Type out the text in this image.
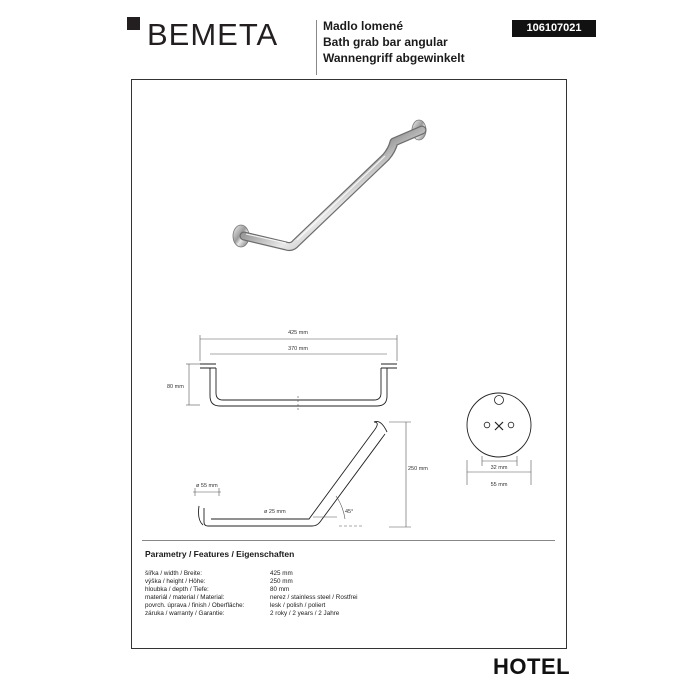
BEMETA	Madlo lomené
Bath grab bar angular
Wannengriff abgewinkelt
106107021
425 mm
370 mm
80 mm
250 mm
ø 55 mm
ø 25 mm	45°
32 mm
55 mm
Parametry / Features / Eigenschaften
šířka / width / Breite:	425 mm
výška / height / Höhe:	250 mm
hloubka / depth / Tiefe:	80 mm
materiál / material / Material:	nerez / stainless steel / Rostfrei
povrch. úprava / finish / Oberfläche:	lesk / polish / poliert
záruka / warranty / Garantie:	2 roky / 2 years / 2 Jahre
HOTEL
